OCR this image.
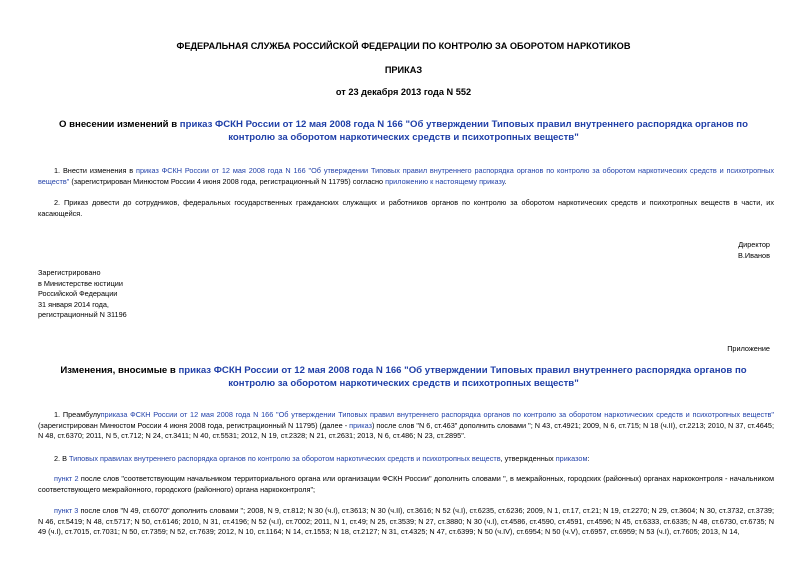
ФЕДЕРАЛЬНАЯ СЛУЖБА РОССИЙСКОЙ ФЕДЕРАЦИИ ПО КОНТРОЛЮ ЗА ОБОРОТОМ НАРКОТИКОВ
ПРИКАЗ
от 23 декабря 2013 года N 552
О внесении изменений в приказ ФСКН России от 12 мая 2008 года N 166 "Об утверждении Типовых правил внутреннего распорядка органов по контролю за оборотом наркотических средств и психотропных веществ"
1. Внести изменения в приказ ФСКН России от 12 мая 2008 года N 166 "Об утверждении Типовых правил внутреннего распорядка органов по контролю за оборотом наркотических средств и психотропных веществ" (зарегистрирован Минюстом России 4 июня 2008 года, регистрационный N 11795) согласно приложению к настоящему приказу.
2. Приказ довести до сотрудников, федеральных государственных гражданских служащих и работников органов по контролю за оборотом наркотических средств и психотропных веществ в части, их касающейся.
Директор
В.Иванов
Зарегистрировано
в Министерстве юстиции
Российской Федерации
31 января 2014 года,
регистрационный N 31196
Приложение
Изменения, вносимые в приказ ФСКН России от 12 мая 2008 года N 166 "Об утверждении Типовых правил внутреннего распорядка органов по контролю за оборотом наркотических средств и психотропных веществ"
1. Преамбулуприказа ФСКН России от 12 мая 2008 года N 166 "Об утверждении Типовых правил внутреннего распорядка органов по контролю за оборотом наркотических средств и психотропных веществ" (зарегистрирован Минюстом России 4 июня 2008 года, регистрационный N 11795) (далее - приказ) после слов "N 6, ст.463" дополнить словами "; N 43, ст.4921; 2009, N 6, ст.715; N 18 (ч.II), ст.2213; 2010, N 37, ст.4645; N 48, ст.6370; 2011, N 5, ст.712; N 24, ст.3411; N 40, ст.5531; 2012, N 19, ст.2328; N 21, ст.2631; 2013, N 6, ст.486; N 23, ст.2895".
2. В Типовых правилах внутреннего распорядка органов по контролю за оборотом наркотических средств и психотропных веществ, утвержденных приказом:
пункт 2 после слов "соответствующим начальником территориального органа или организации ФСКН России" дополнить словами ", в межрайонных, городских (районных) органах наркоконтроля - начальником соответствующего межрайонного, городского (районного) органа наркоконтроля";
пункт 3 после слов "N 49, ст.6070" дополнить словами "; 2008, N 9, ст.812; N 30 (ч.I), ст.3613; N 30 (ч.II), ст.3616; N 52 (ч.I), ст.6235, ст.6236; 2009, N 1, ст.17, ст.21; N 19, ст.2270; N 29, ст.3604; N 30, ст.3732, ст.3739; N 46, ст.5419; N 48, ст.5717; N 50, ст.6146; 2010, N 31, ст.4196; N 52 (ч.I), ст.7002; 2011, N 1, ст.49; N 25, ст.3539; N 27, ст.3880; N 30 (ч.I), ст.4586, ст.4590, ст.4591, ст.4596; N 45, ст.6333, ст.6335; N 48, ст.6730, ст.6735; N 49 (ч.I), ст.7015, ст.7031; N 50, ст.7359; N 52, ст.7639; 2012, N 10, ст.1164; N 14, ст.1553; N 18, ст.2127; N 31, ст.4325; N 47, ст.6399; N 50 (ч.IV), ст.6954; N 50 (ч.V), ст.6957, ст.6959; N 53 (ч.I), ст.7605; 2013, N 14,
